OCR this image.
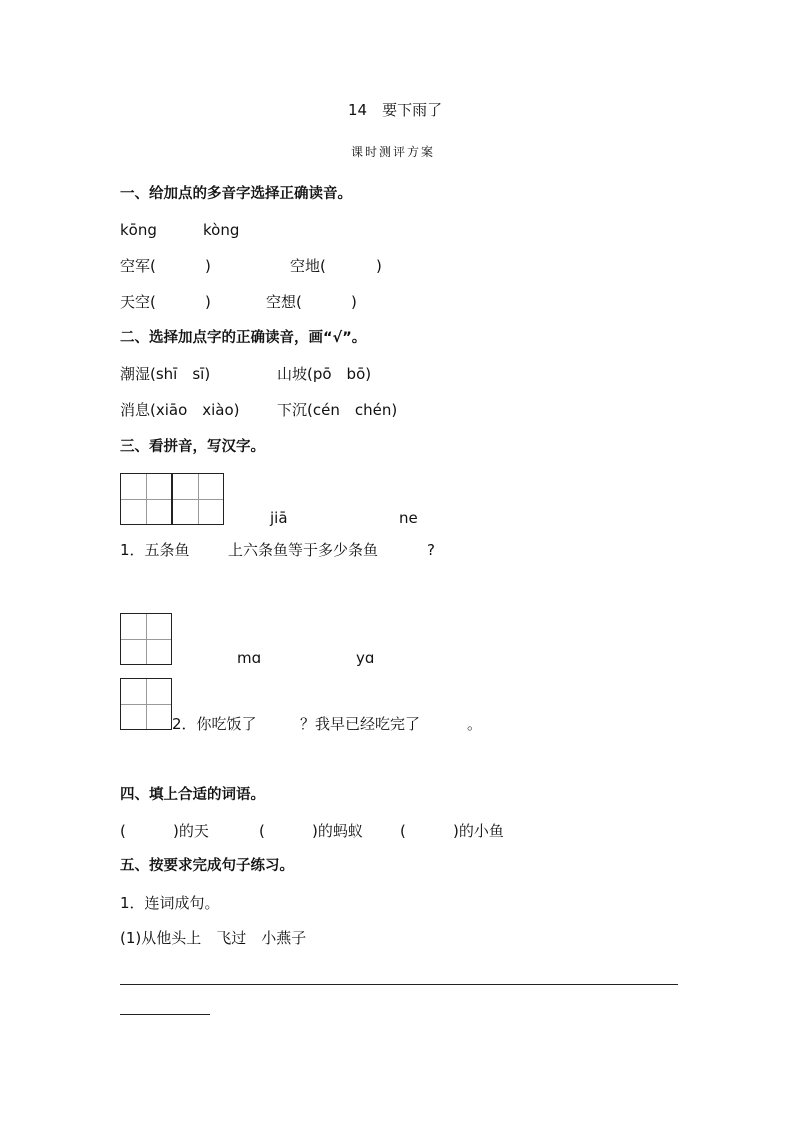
14　要下雨了
课时测评方案
一、给加点的多音字选择正确读音。
kōng	kòng
空军(	)	空地(	)
天空(	)	空想(	)
二、选择加点字的正确读音，画“√”。
潮湿(shī　sī)	山坡(pō　bō)
消息(xiāo　xiào) 下沉(cén　chén)
三、看拼音，写汉字。
jiā	ne
1．五条鱼	上六条鱼等于多少条鱼	?
mɑ	yɑ
2．你吃饭了	？我早已经吃完了	。
四、填上合适的词语。
(	)的天	(	)的蚂蚁 (	)的小鱼
五、按要求完成句子练习。
1．连词成句。
(1)从他头上　飞过　小燕子
